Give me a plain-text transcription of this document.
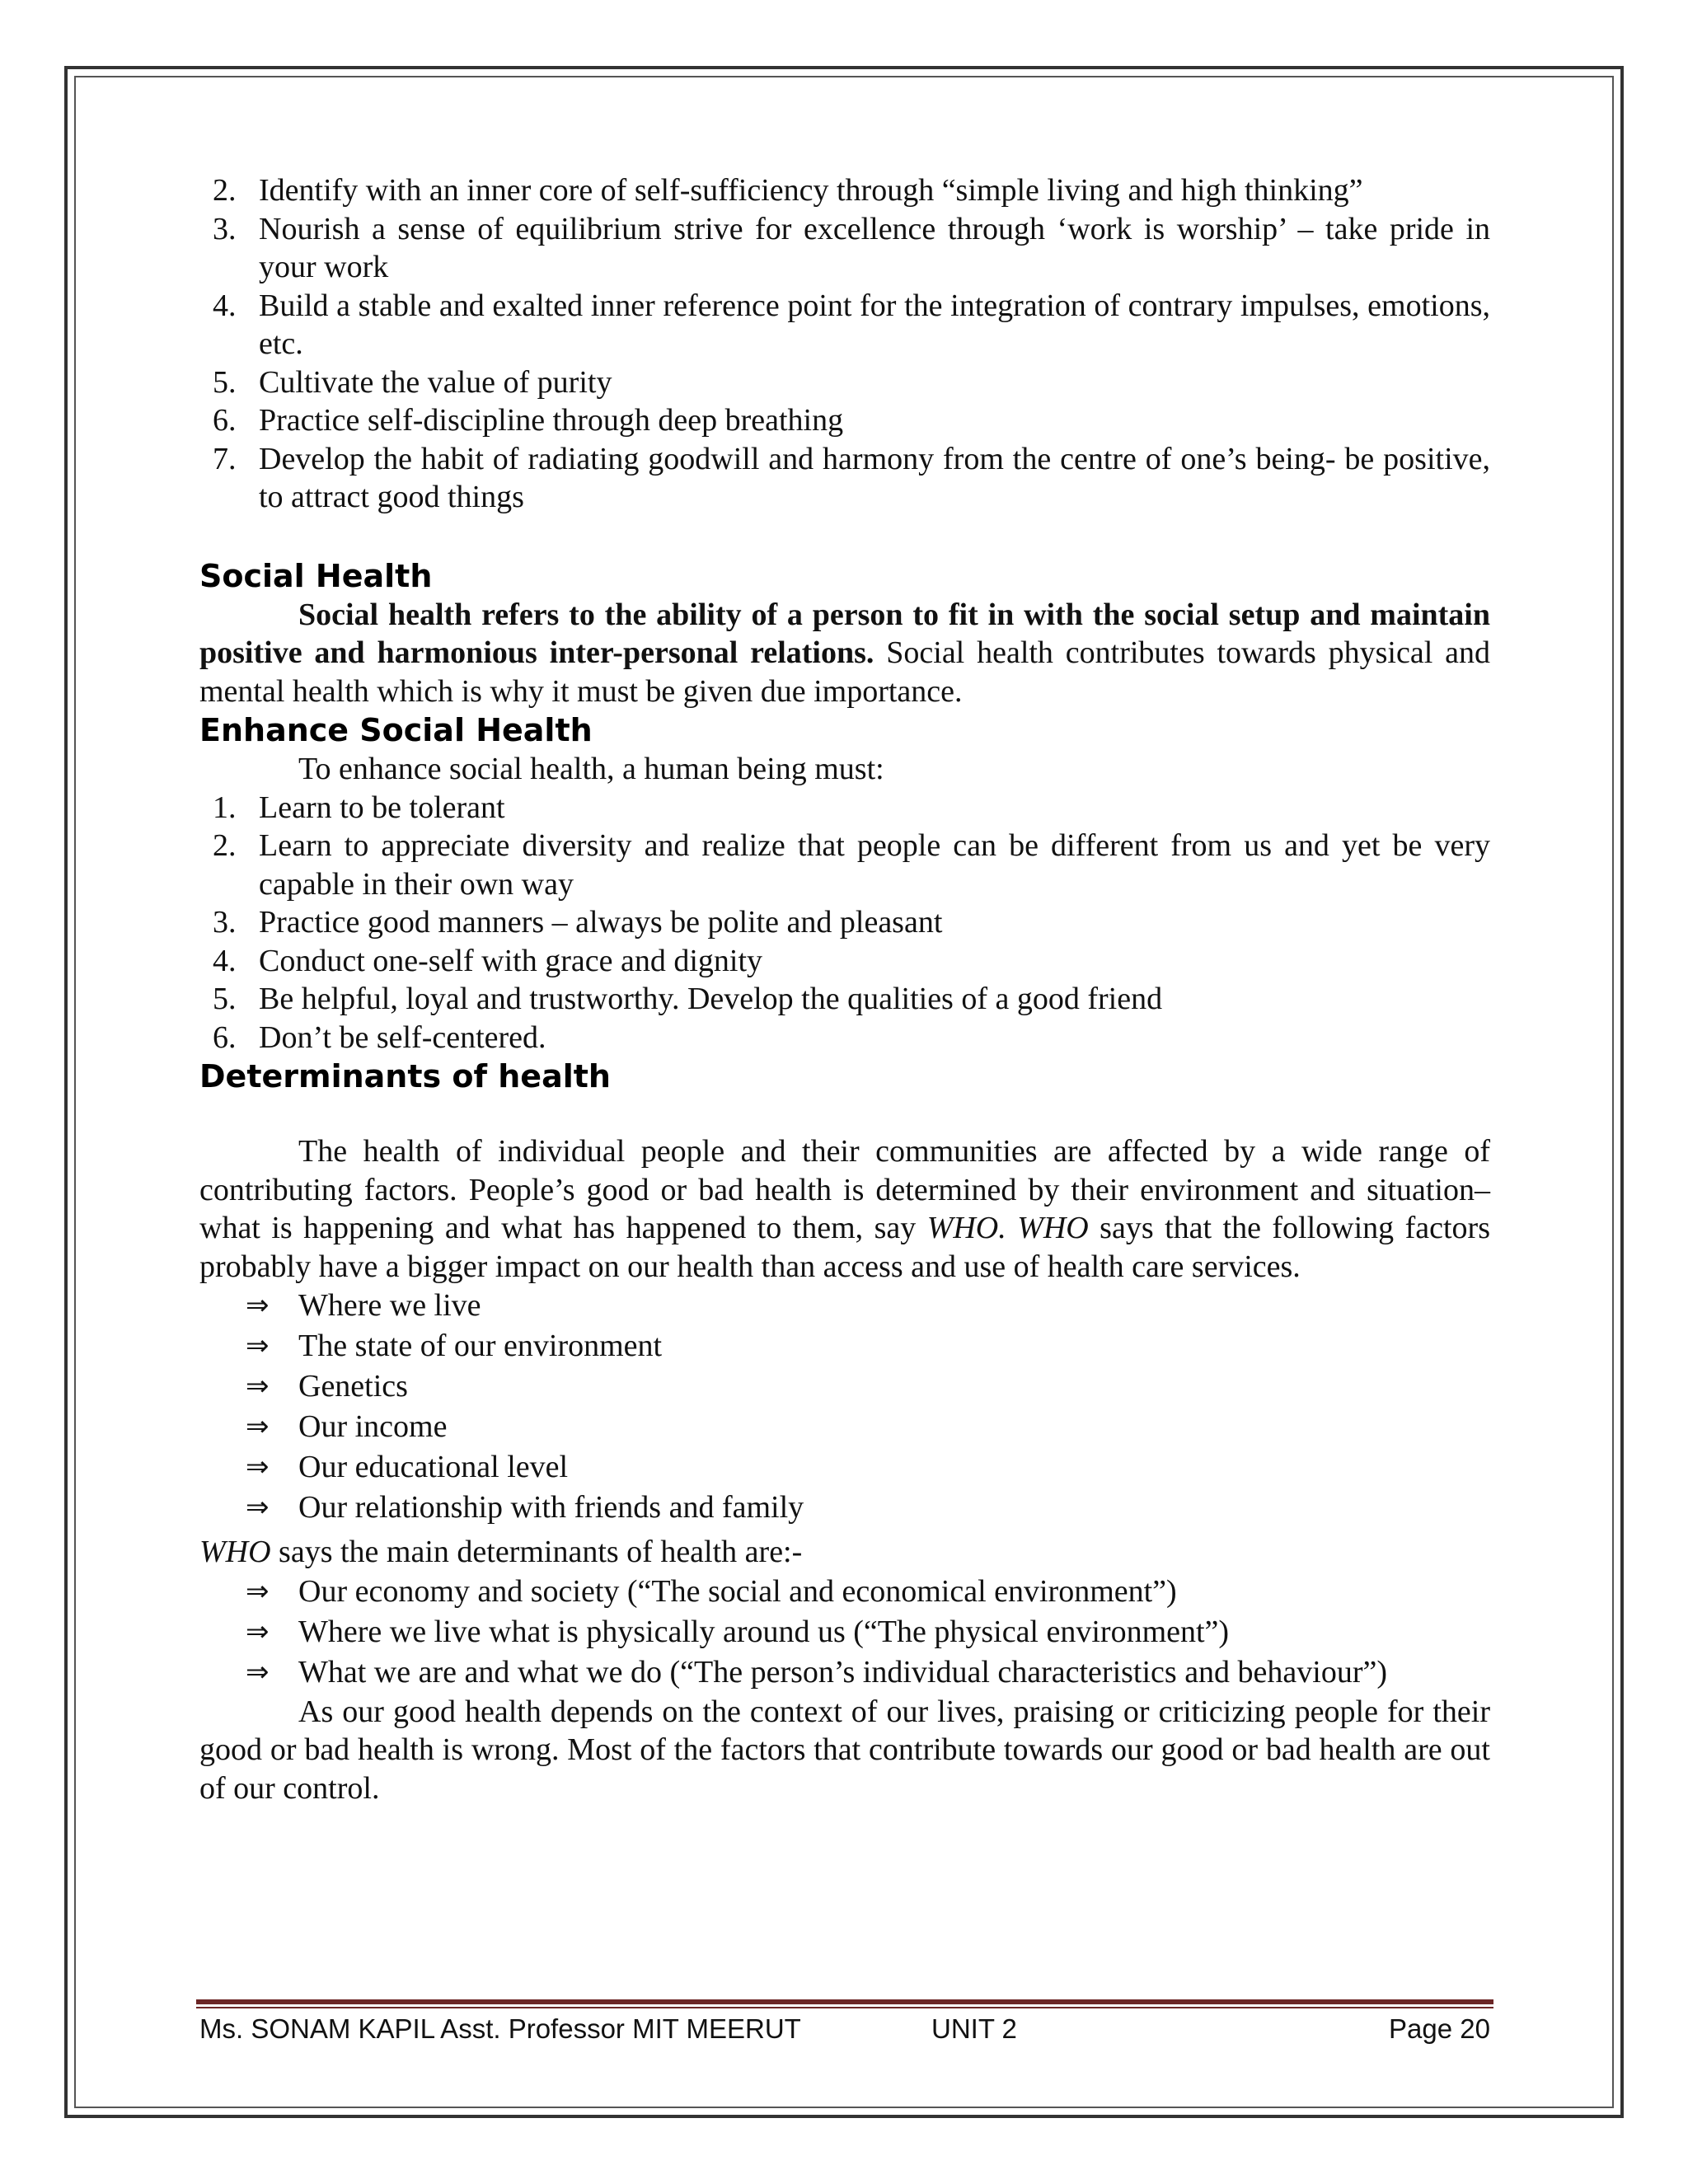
2. Identify with an inner core of self-sufficiency through “simple living and high thinking”
3. Nourish a sense of equilibrium strive for excellence through ‘work is worship’ – take pride in your work
4. Build a stable and exalted inner reference point for the integration of contrary impulses, emotions, etc.
5. Cultivate the value of purity
6. Practice self-discipline through deep breathing
7. Develop the habit of radiating goodwill and harmony from the centre of one’s being- be positive, to attract good things
Social Health

Social health refers to the ability of a person to fit in with the social setup and maintain positive and harmonious inter-personal relations. Social health contributes towards physical and mental health which is why it must be given due importance.

Enhance Social Health

To enhance social health, a human being must:

1. Learn to be tolerant
2. Learn to appreciate diversity and realize that people can be different from us and yet be very capable in their own way
3. Practice good manners – always be polite and pleasant
4. Conduct one-self with grace and dignity
5. Be helpful, loyal and trustworthy. Develop the qualities of a good friend
6. Don’t be self-centered.
Determinants of health

The health of individual people and their communities are affected by a wide range of contributing factors. People’s good or bad health is determined by their environment and situation– what is happening and what has happened to them, say WHO. WHO says that the following factors probably have a bigger impact on our health than access and use of health care services.

⇒ Where we live
⇒ The state of our environment
⇒ Genetics
⇒ Our income
⇒ Our educational level
⇒ Our relationship with friends and family

WHO says the main determinants of health are:-

⇒ Our economy and society (“The social and economical environment”)
⇒ Where we live what is physically around us (“The physical environment”)
⇒ What we are and what we do (“The person’s individual characteristics and behaviour”)

As our good health depends on the context of our lives, praising or criticizing people for their good or bad health is wrong. Most of the factors that contribute towards our good or bad health are out of our control.

Ms. SONAM KAPIL Asst. Professor MIT MEERUT	UNIT 2	Page 20
